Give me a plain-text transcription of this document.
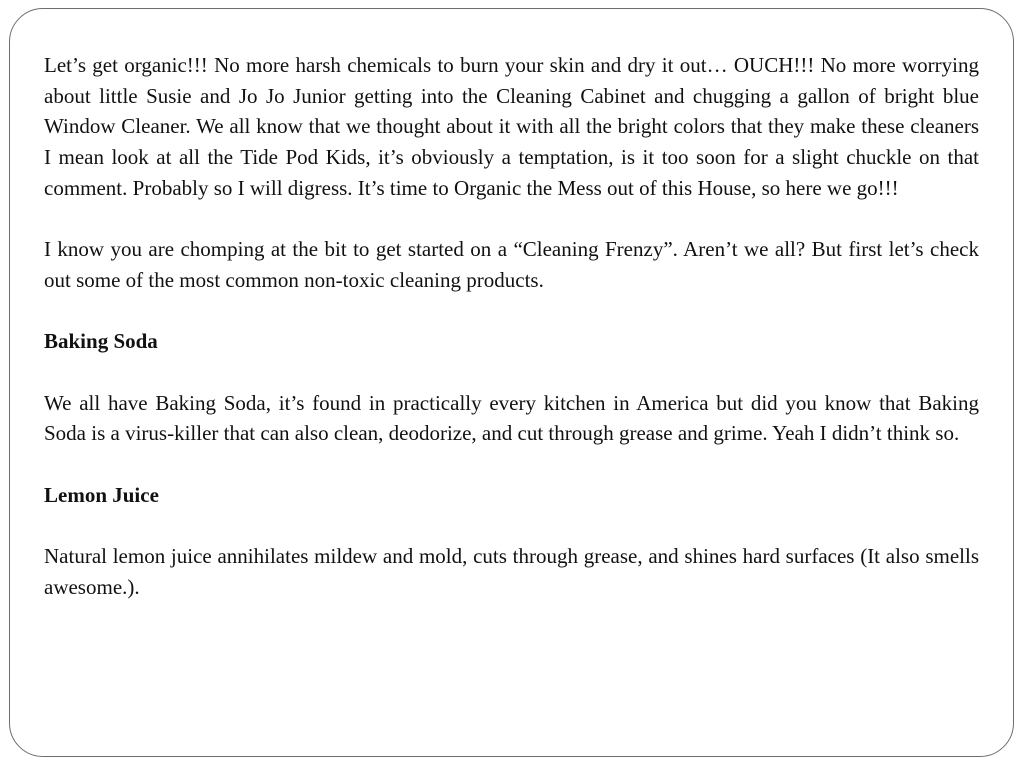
Let’s get organic!!! No more harsh chemicals to burn your skin and dry it out… OUCH!!! No more worrying about little Susie and Jo Jo Junior getting into the Cleaning Cabinet and chugging a gallon of bright blue Window Cleaner. We all know that we thought about it with all the bright colors that they make these cleaners I mean look at all the Tide Pod Kids, it’s obviously a temptation, is it too soon for a slight chuckle on that comment. Probably so I will digress. It’s time to Organic the Mess out of this House, so here we go!!!

I know you are chomping at the bit to get started on a “Cleaning Frenzy”. Aren’t we all? But first let’s check out some of the most common non-toxic cleaning products.

Baking Soda

We all have Baking Soda, it’s found in practically every kitchen in America but did you know that Baking Soda is a virus-killer that can also clean, deodorize, and cut through grease and grime. Yeah I didn’t think so.

Lemon Juice

Natural lemon juice annihilates mildew and mold, cuts through grease, and shines hard surfaces (It also smells awesome.).
